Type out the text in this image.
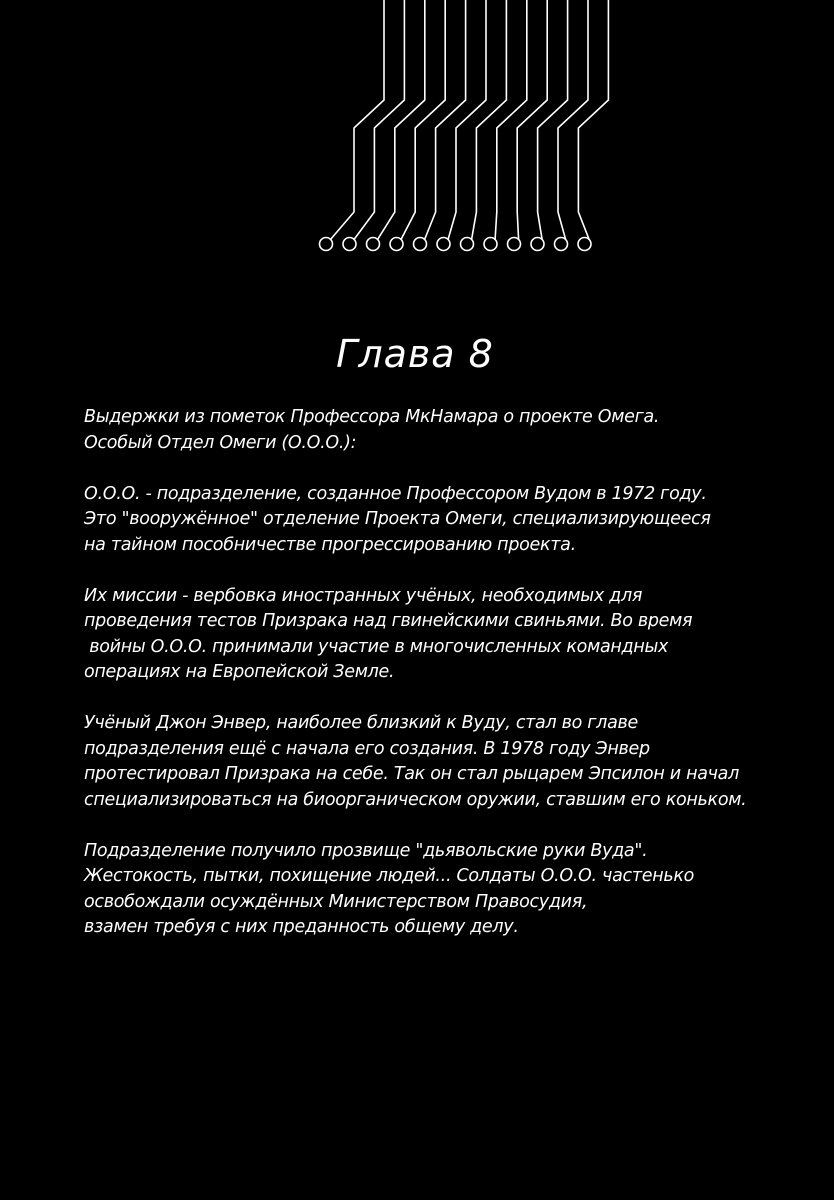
Глава 8

Выдержки из пометок Профессора МкНамара о проекте Омега.
Особый Отдел Омеги (О.О.О.):

О.О.О. - подразделение, созданное Профессором Вудом в 1972 году.
Это "вооружённое" отделение Проекта Омеги, специализирующееся
на тайном пособничестве прогрессированию проекта.

Их миссии - вербовка иностранных учёных, необходимых для
проведения тестов Призрака над гвинейскими свиньями. Во время
войны О.О.О. принимали участие в многочисленных командных
операциях на Европейской Земле.

Учёный Джон Энвер, наиболее близкий к Вуду, стал во главе
подразделения ещё с начала его создания. В 1978 году Энвер
протестировал Призрака на себе. Так он стал рыцарем Эпсилон и начал
специализироваться на биоорганическом оружии, ставшим его коньком.

Подразделение получило прозвище "дьявольские руки Вуда".
Жестокость, пытки, похищение людей... Солдаты О.О.О. частенько
освобождали осуждённых Министерством Правосудия,
взамен требуя с них преданность общему делу.
